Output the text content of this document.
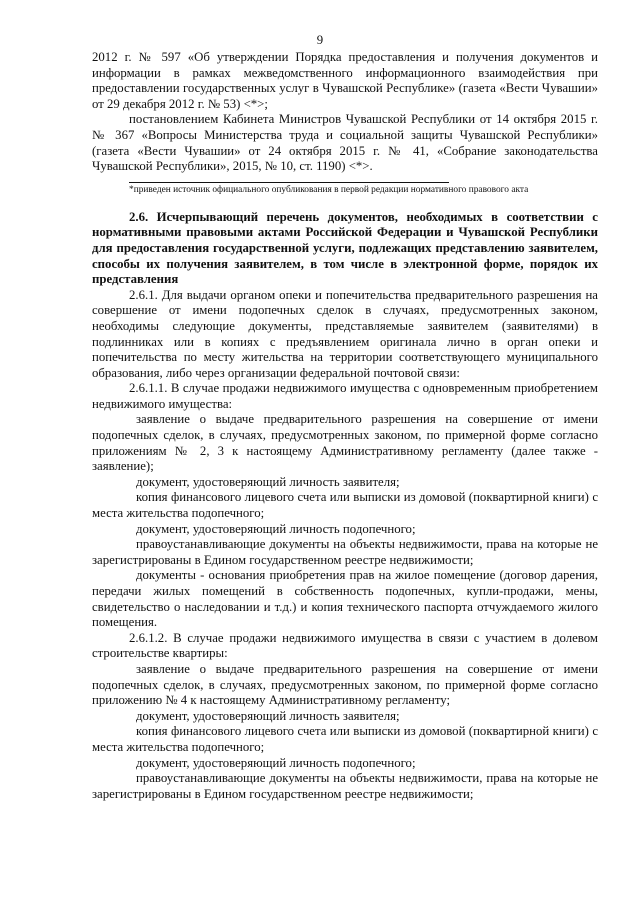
9

2012 г. № 597 «Об утверждении Порядка предоставления и получения документов и информации в рамках межведомственного информационного взаимодействия при предоставлении государственных услуг в Чувашской Республике» (газета «Вести Чувашии» от 29 декабря 2012 г. № 53) <*>;

постановлением Кабинета Министров Чувашской Республики от 14 октября 2015 г. № 367 «Вопросы Министерства труда и социальной защиты Чувашской Республики» (газета «Вести Чувашии» от 24 октября 2015 г. № 41, «Собрание законодательства Чувашской Республики», 2015, № 10, ст. 1190) <*>.

*приведен источник официального опубликования в первой редакции нормативного правового акта

2.6. Исчерпывающий перечень документов, необходимых в соответствии с нормативными правовыми актами Российской Федерации и Чувашской Республики для предоставления государственной услуги, подлежащих представлению заявителем, способы их получения заявителем, в том числе в электронной форме, порядок их представления

2.6.1. Для выдачи органом опеки и попечительства предварительного разрешения на совершение от имени подопечных сделок в случаях, предусмотренных законом, необходимы следующие документы, представляемые заявителем (заявителями) в подлинниках или в копиях с предъявлением оригинала лично в орган опеки и попечительства по месту жительства на территории соответствующего муниципального образования, либо через организации федеральной почтовой связи:

2.6.1.1. В случае продажи недвижимого имущества с одновременным приобретением недвижимого имущества:

заявление о выдаче предварительного разрешения на совершение от имени подопечных сделок, в случаях, предусмотренных законом, по примерной форме согласно приложениям № 2, 3 к настоящему Административному регламенту (далее также - заявление);

документ, удостоверяющий личность заявителя;

копия финансового лицевого счета или выписки из домовой (поквартирной книги) с места жительства подопечного;

документ, удостоверяющий личность подопечного;

правоустанавливающие документы на объекты недвижимости, права на которые не зарегистрированы в Едином государственном реестре недвижимости;

документы - основания приобретения прав на жилое помещение (договор дарения, передачи жилых помещений в собственность подопечных, купли-продажи, мены, свидетельство о наследовании и т.д.) и копия технического паспорта отчуждаемого жилого помещения.

2.6.1.2. В случае продажи недвижимого имущества в связи с участием в долевом строительстве квартиры:

заявление о выдаче предварительного разрешения на совершение от имени подопечных сделок, в случаях, предусмотренных законом, по примерной форме согласно приложению № 4 к настоящему Административному регламенту;

документ, удостоверяющий личность заявителя;

копия финансового лицевого счета или выписки из домовой (поквартирной книги) с места жительства подопечного;

документ, удостоверяющий личность подопечного;

правоустанавливающие документы на объекты недвижимости, права на которые не зарегистрированы в Едином государственном реестре недвижимости;
